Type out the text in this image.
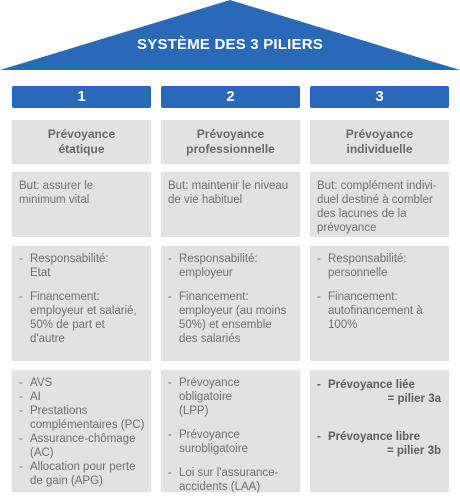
SYSTÈME DES 3 PILIERS
1	2	3
Prévoyance
étatique
Prévoyance
professionnelle
Prévoyance
individuelle
But: assurer le
minimum vital
But: maintenir le niveau
de vie habituel
But: complément indivi-
duel destiné à combler
des lacunes de la
prévoyance
- Responsabilité:
Etat
- Financement:
employeur et salarié,
50% de part et
d'autre
- Responsabilité:
employeur
- Financement:
employeur (au moins
50%) et ensemble
des salariés
- Responsabilité:
personnelle
- Financement:
autofinancement à
100%
- AVS
- AI
- Prestations
complémentaires (PC)
- Assurance-chômage
(AC)
- Allocation pour perte
de gain (APG)
- Prévoyance obligatoire
(LPP)
- Prévoyance
surobligatoire
- Loi sur l'assurance-
accidents (LAA)
- Prévoyance liée
= pilier 3a
- Prévoyance libre
= pilier 3b
